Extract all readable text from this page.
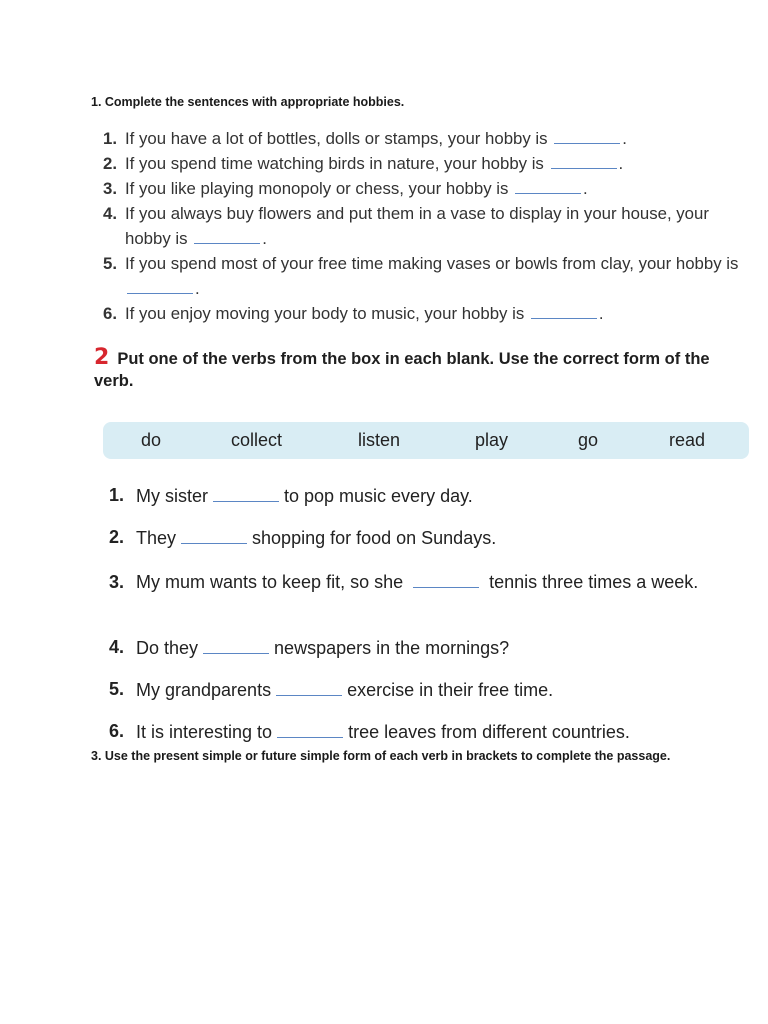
1. Complete the sentences with appropriate hobbies.
1. If you have a lot of bottles, dolls or stamps, your hobby is	.
2. If you spend time watching birds in nature, your hobby is	.
3. If you like playing monopoly or chess, your hobby is	.
4. If you always buy flowers and put them in a vase to display in your house, your hobby is	.
5. If you spend most of your free time making vases or bowls from clay, your hobby is .
6. If you enjoy moving your body to music, your hobby is	.
2 Put one of the verbs from the box in each blank. Use the correct form of the verb.
do	collect	listen	play	go	read
1. My sister	to pop music every day.
2. They	shopping for food on Sundays.
3. My mum wants to keep fit, so she	tennis three times a week.
4. Do they	newspapers in the mornings?
5. My grandparents	exercise in their free time.
6. It is interesting to	tree leaves from different countries.
3. Use the present simple or future simple form of each verb in brackets to complete the passage.
